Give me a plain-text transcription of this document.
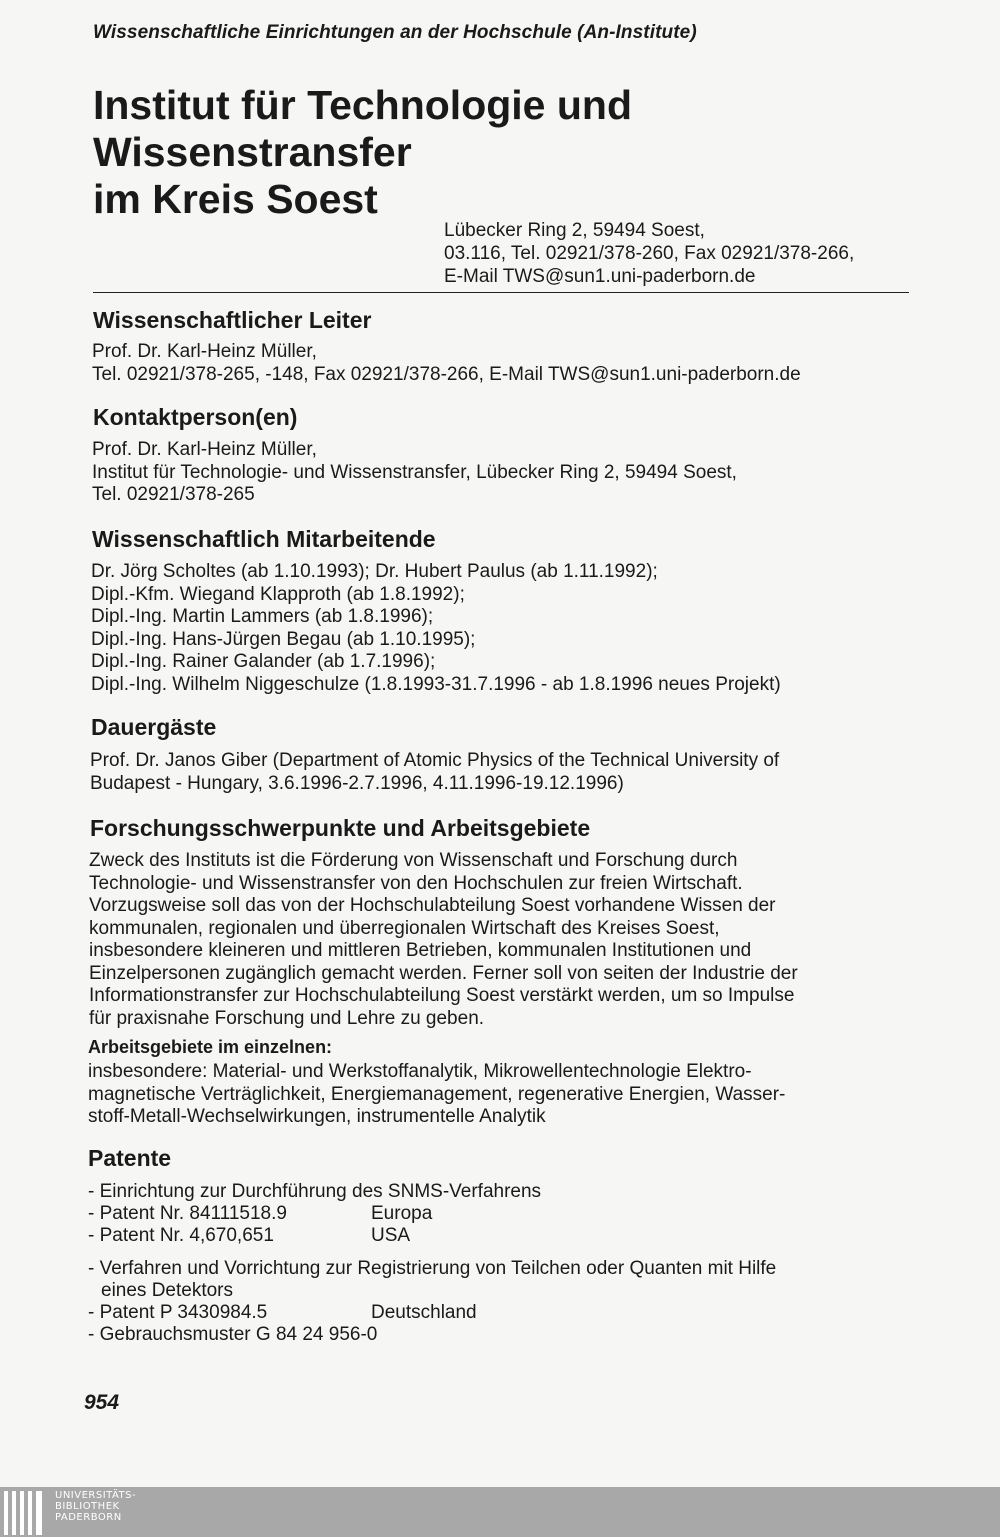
Wissenschaftliche Einrichtungen an der Hochschule (An-Institute)
Institut für Technologie und
Wissenstransfer
im Kreis Soest
Lübecker Ring 2, 59494 Soest,
03.116, Tel. 02921/378-260, Fax 02921/378-266,
E-Mail TWS@sun1.uni-paderborn.de
Wissenschaftlicher Leiter
Prof. Dr. Karl-Heinz Müller,
Tel. 02921/378-265, -148, Fax 02921/378-266, E-Mail TWS@sun1.uni-paderborn.de
Kontaktperson(en)
Prof. Dr. Karl-Heinz Müller,
Institut für Technologie- und Wissenstransfer, Lübecker Ring 2, 59494 Soest,
Tel. 02921/378-265
Wissenschaftlich Mitarbeitende
Dr. Jörg Scholtes (ab 1.10.1993); Dr. Hubert Paulus (ab 1.11.1992);
Dipl.-Kfm. Wiegand Klapproth (ab 1.8.1992);
Dipl.-Ing. Martin Lammers (ab 1.8.1996);
Dipl.-Ing. Hans-Jürgen Begau (ab 1.10.1995);
Dipl.-Ing. Rainer Galander (ab 1.7.1996);
Dipl.-Ing. Wilhelm Niggeschulze (1.8.1993-31.7.1996 - ab 1.8.1996 neues Projekt)
Dauergäste
Prof. Dr. Janos Giber (Department of Atomic Physics of the Technical University of
Budapest - Hungary, 3.6.1996-2.7.1996, 4.11.1996-19.12.1996)
Forschungsschwerpunkte und Arbeitsgebiete
Zweck des Instituts ist die Förderung von Wissenschaft und Forschung durch
Technologie- und Wissenstransfer von den Hochschulen zur freien Wirtschaft.
Vorzugsweise soll das von der Hochschulabteilung Soest vorhandene Wissen der
kommunalen, regionalen und überregionalen Wirtschaft des Kreises Soest,
insbesondere kleineren und mittleren Betrieben, kommunalen Institutionen und
Einzelpersonen zugänglich gemacht werden. Ferner soll von seiten der Industrie der
Informationstransfer zur Hochschulabteilung Soest verstärkt werden, um so Impulse
für praxisnahe Forschung und Lehre zu geben.
Arbeitsgebiete im einzelnen:
insbesondere: Material- und Werkstoffanalytik, Mikrowellentechnologie Elektro-
magnetische Verträglichkeit, Energiemanagement, regenerative Energien, Wasser-
stoff-Metall-Wechselwirkungen, instrumentelle Analytik
Patente
- Einrichtung zur Durchführung des SNMS-Verfahrens
- Patent Nr. 84111518.9	Europa
- Patent Nr. 4,670,651	USA
- Verfahren und Vorrichtung zur Registrierung von Teilchen oder Quanten mit Hilfe
eines Detektors
- Patent P 3430984.5	Deutschland
- Gebrauchsmuster G 84 24 956-0
954
UNIVERSITÄTS-
BIBLIOTHEK
PADERBORN
